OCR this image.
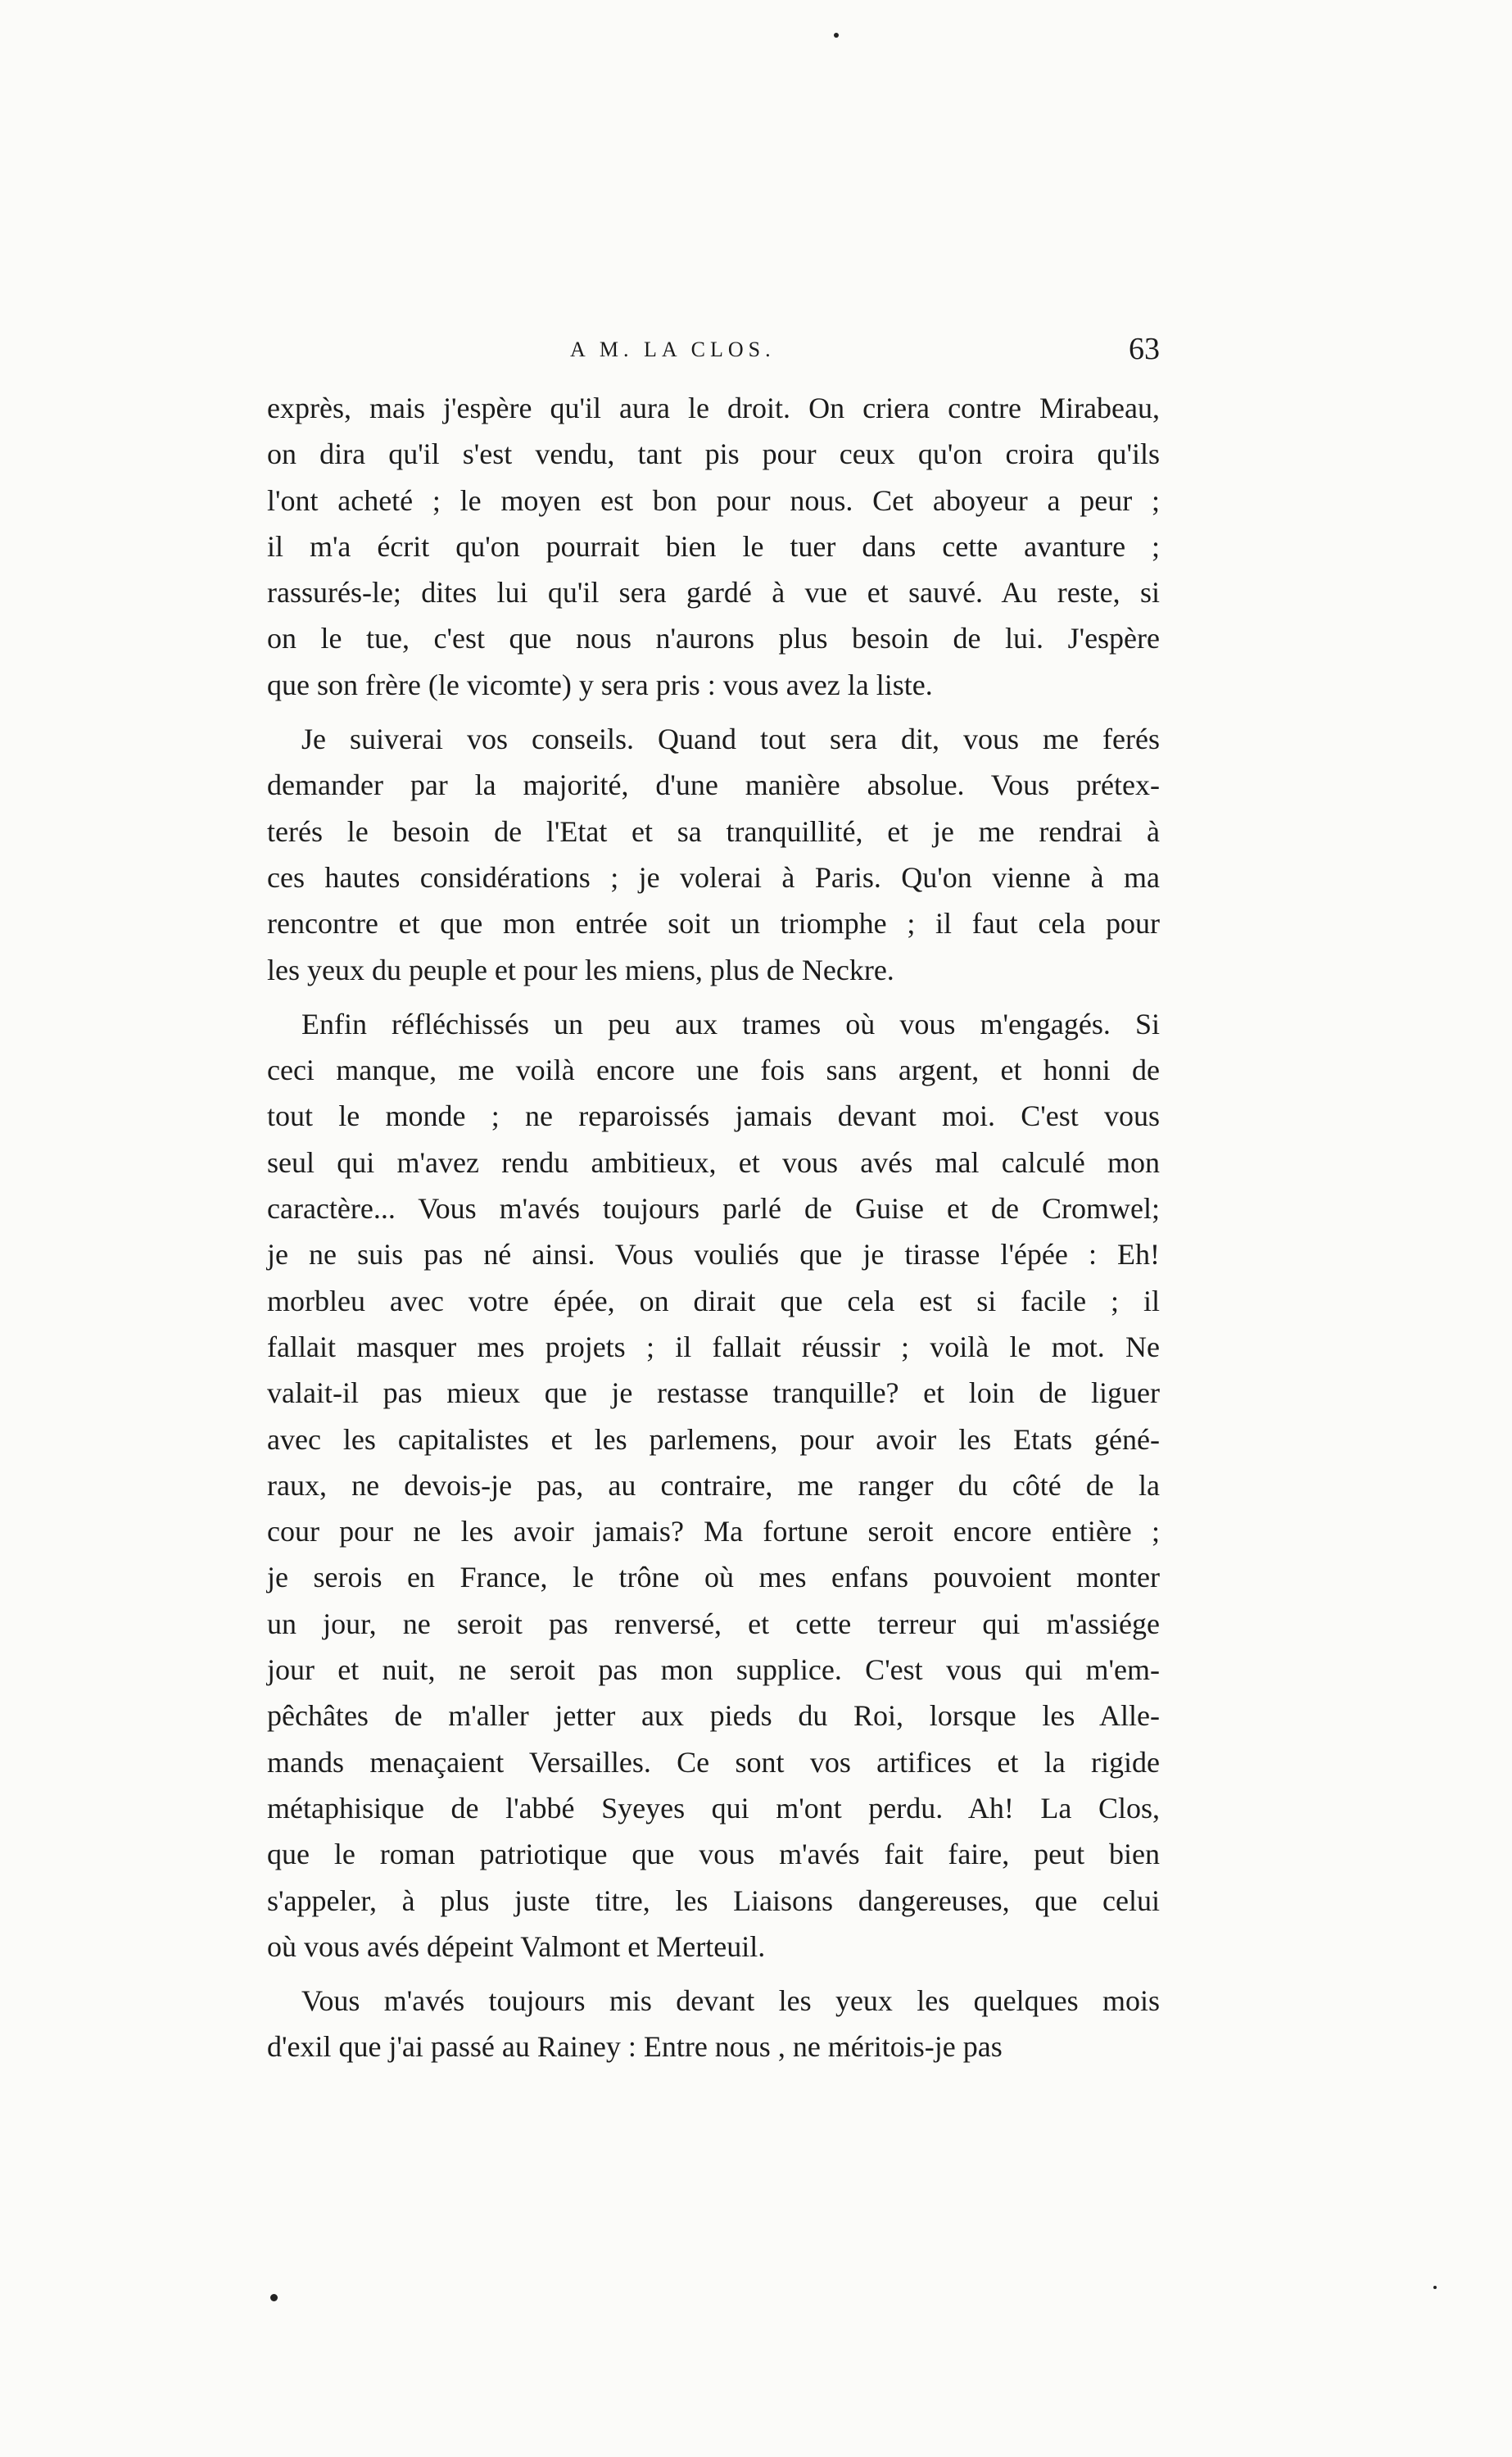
A M. LA CLOS.	63
exprès, mais j'espère qu'il aura le droit. On criera contre Mirabeau,
on dira qu'il s'est vendu, tant pis pour ceux qu'on croira qu'ils
l'ont acheté ; le moyen est bon pour nous. Cet aboyeur a peur ;
il m'a écrit qu'on pourrait bien le tuer dans cette avanture ;
rassurés-le; dites lui qu'il sera gardé à vue et sauvé. Au reste, si
on le tue, c'est que nous n'aurons plus besoin de lui. J'espère
que son frère (le vicomte) y sera pris : vous avez la liste.
Je suiverai vos conseils. Quand tout sera dit, vous me ferés
demander par la majorité, d'une manière absolue. Vous prétex-
terés le besoin de l'Etat et sa tranquillité, et je me rendrai à
ces hautes considérations ; je volerai à Paris. Qu'on vienne à ma
rencontre et que mon entrée soit un triomphe ; il faut cela pour
les yeux du peuple et pour les miens, plus de Neckre.
Enfin réfléchissés un peu aux trames où vous m'engagés. Si
ceci manque, me voilà encore une fois sans argent, et honni de
tout le monde ; ne reparoissés jamais devant moi. C'est vous
seul qui m'avez rendu ambitieux, et vous avés mal calculé mon
caractère... Vous m'avés toujours parlé de Guise et de Cromwel;
je ne suis pas né ainsi. Vous vouliés que je tirasse l'épée : Eh!
morbleu avec votre épée, on dirait que cela est si facile ; il
fallait masquer mes projets ; il fallait réussir ; voilà le mot. Ne
valait-il pas mieux que je restasse tranquille? et loin de liguer
avec les capitalistes et les parlemens, pour avoir les Etats géné-
raux, ne devois-je pas, au contraire, me ranger du côté de la
cour pour ne les avoir jamais? Ma fortune seroit encore entière ;
je serois en France, le trône où mes enfans pouvoient monter
un jour, ne seroit pas renversé, et cette terreur qui m'assiége
jour et nuit, ne seroit pas mon supplice. C'est vous qui m'em-
pêchâtes de m'aller jetter aux pieds du Roi, lorsque les Alle-
mands menaçaient Versailles. Ce sont vos artifices et la rigide
métaphisique de l'abbé Syeyes qui m'ont perdu. Ah! La Clos,
que le roman patriotique que vous m'avés fait faire, peut bien
s'appeler, à plus juste titre, les Liaisons dangereuses, que celui
où vous avés dépeint Valmont et Merteuil.
Vous m'avés toujours mis devant les yeux les quelques mois
d'exil que j'ai passé au Rainey : Entre nous , ne méritois-je pas
